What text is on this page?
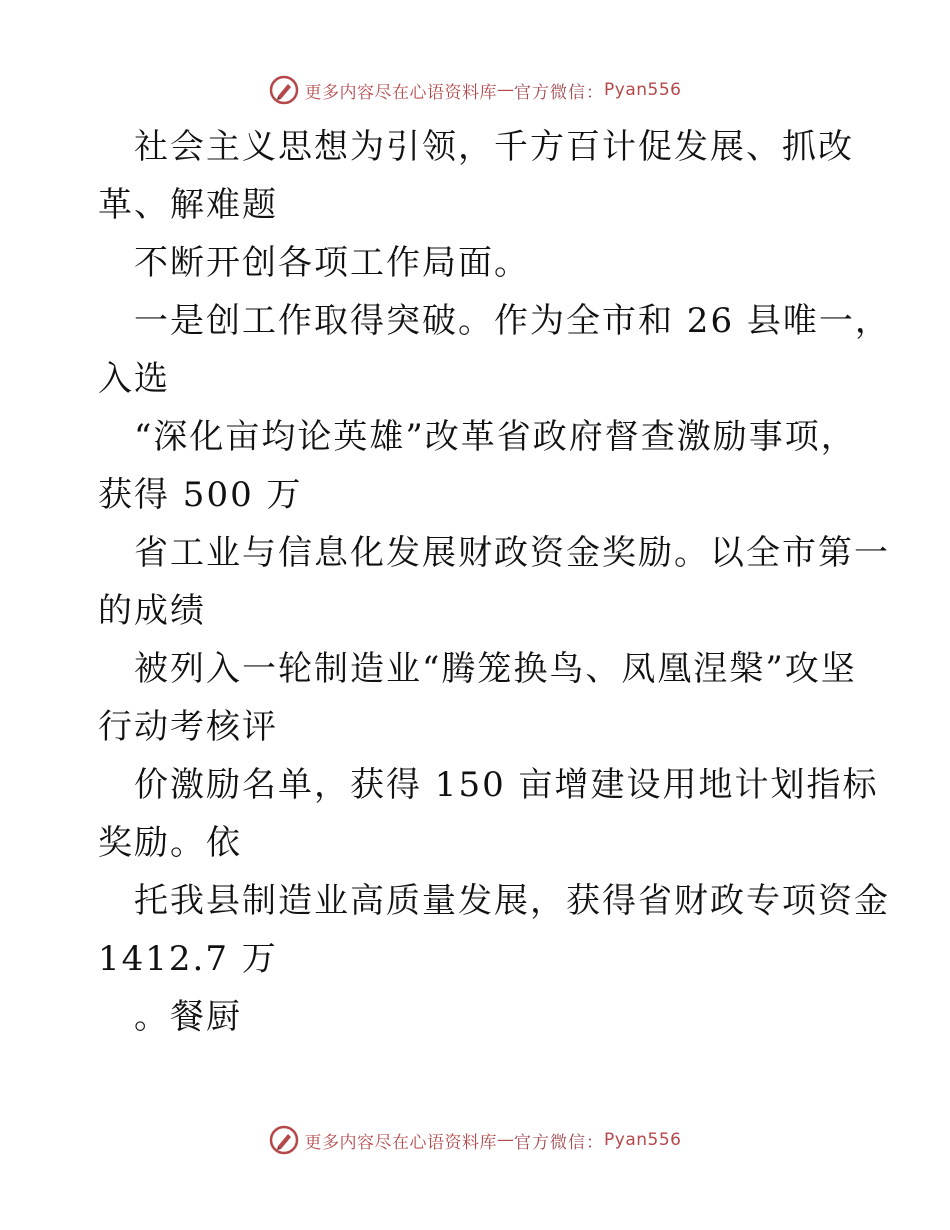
更多内容尽在心语资料库 — 官方微信： Pyan556
社会主义思想为引领，千方百计促发展、抓改
革、解难题
不断开创各项工作局面。
一是创工作取得突破。作为全市和 26 县唯一，
入选
“深化亩均论英雄”改革省政府督查激励事项，
获得 500 万
省工业与信息化发展财政资金奖励。以全市第一
的成绩
被列入一轮制造业“腾笼换鸟、凤凰涅槃”攻坚
行动考核评
价激励名单，获得 150 亩增建设用地计划指标
奖励。依
托我县制造业高质量发展，获得省财政专项资金
1412.7 万
。餐厨
更多内容尽在心语资料库 — 官方微信： Pyan556
